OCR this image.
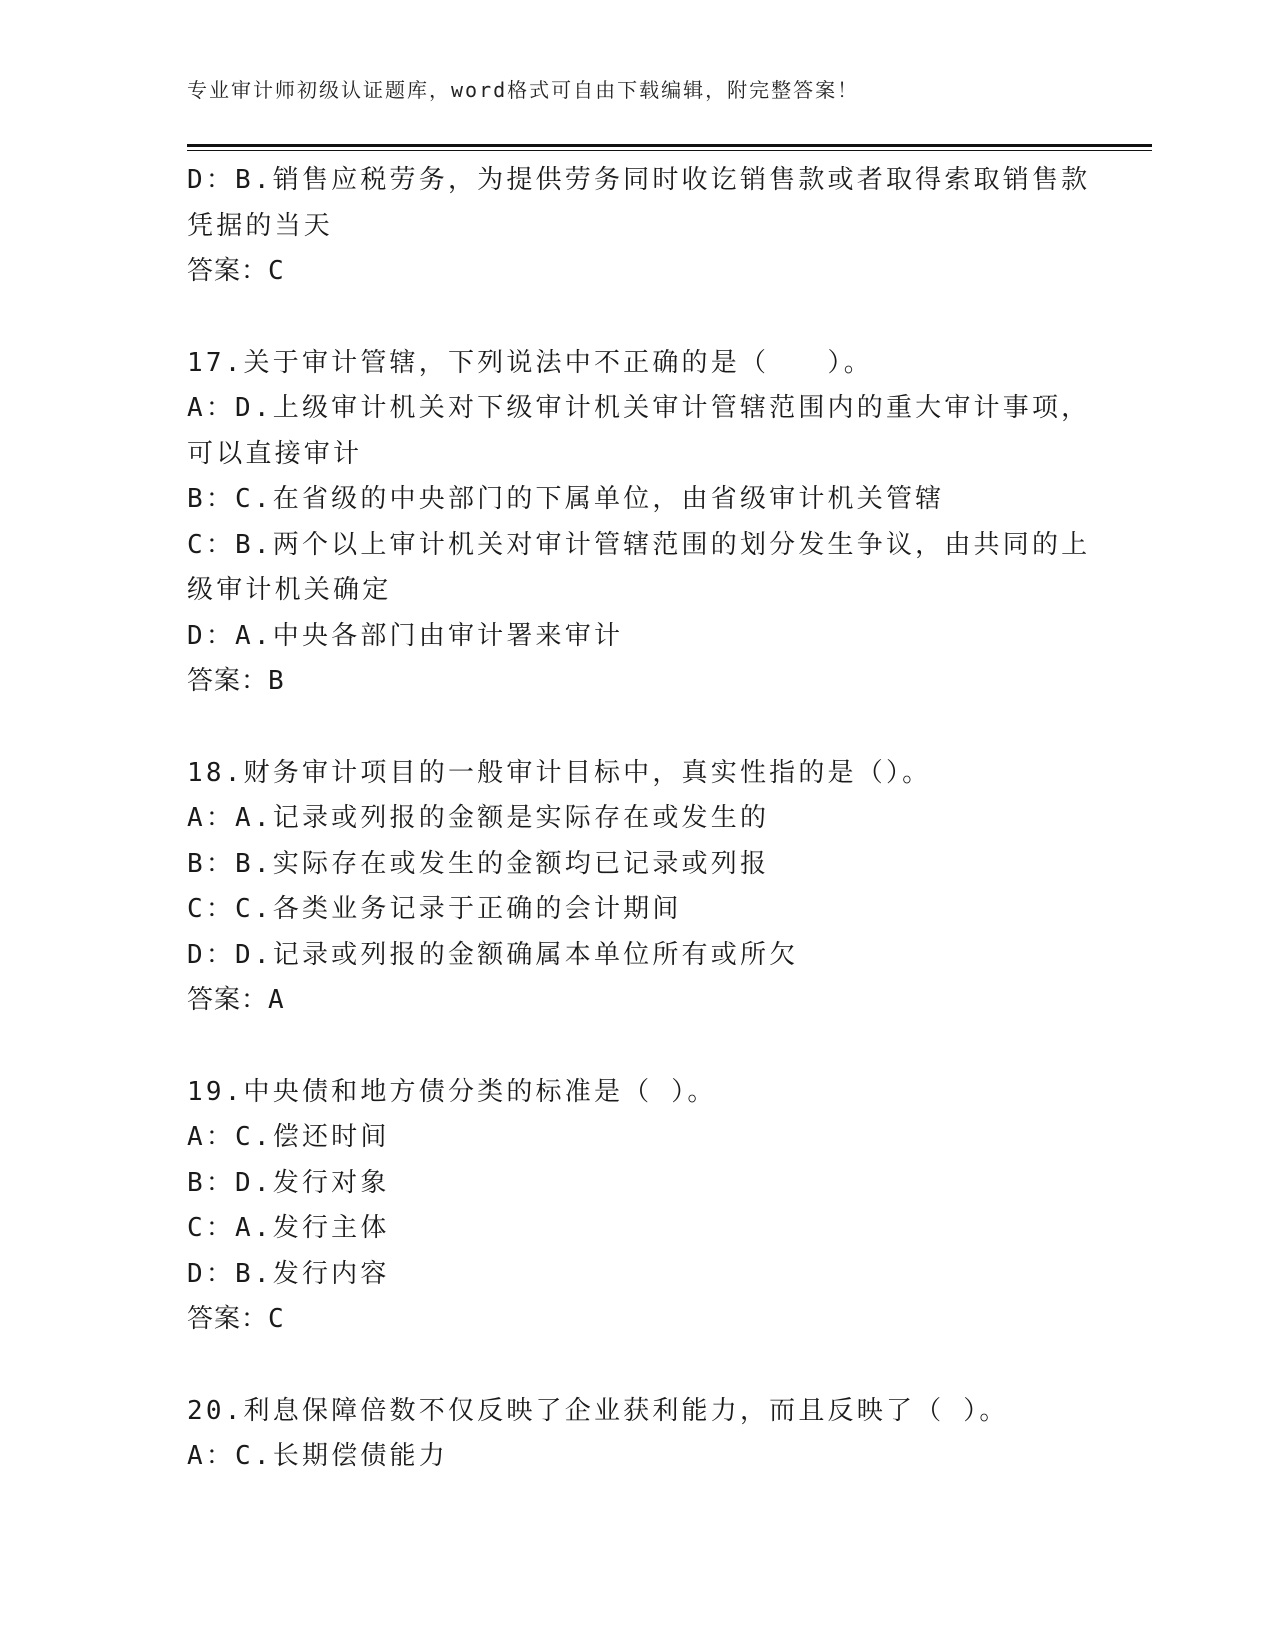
专业审计师初级认证题库，word格式可自由下载编辑，附完整答案！
D：B.销售应税劳务，为提供劳务同时收讫销售款或者取得索取销售款
凭据的当天
答案：C
17.关于审计管辖，下列说法中不正确的是（　　）。
A：D.上级审计机关对下级审计机关审计管辖范围内的重大审计事项，
可以直接审计
B：C.在省级的中央部门的下属单位，由省级审计机关管辖
C：B.两个以上审计机关对审计管辖范围的划分发生争议，由共同的上
级审计机关确定
D：A.中央各部门由审计署来审计
答案：B
18.财务审计项目的一般审计目标中，真实性指的是（）。
A：A.记录或列报的金额是实际存在或发生的
B：B.实际存在或发生的金额均已记录或列报
C：C.各类业务记录于正确的会计期间
D：D.记录或列报的金额确属本单位所有或所欠
答案：A
19.中央债和地方债分类的标准是（ ）。
A：C.偿还时间
B：D.发行对象
C：A.发行主体
D：B.发行内容
答案：C
20.利息保障倍数不仅反映了企业获利能力，而且反映了（ ）。
A：C.长期偿债能力
